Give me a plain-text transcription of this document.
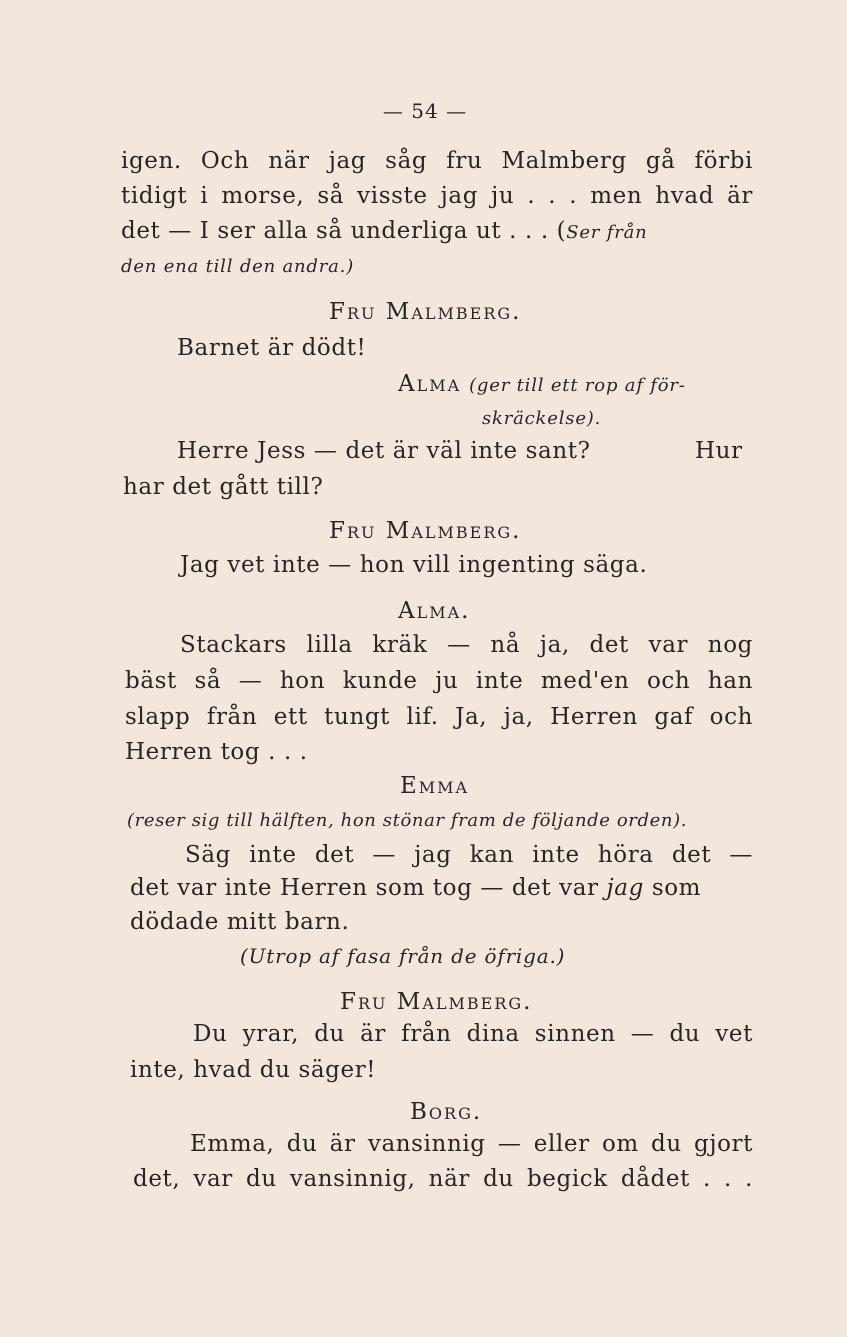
— 54 —
igen. Och när jag såg fru Malmberg gå förbi
tidigt i morse, så visste jag ju . . . men hvad är
det — I ser alla så underliga ut . . . (Ser från
den ena till den andra.)
Fru Malmberg.
Barnet är dödt!
Alma (ger till ett rop af för-
skräckelse).
Herre Jess — det är väl inte sant?	Hur
har det gått till?
Fru Malmberg.
Jag vet inte — hon vill ingenting säga.
Alma.
Stackars lilla kräk — nå ja, det var nog
bäst så — hon kunde ju inte med'en och han
slapp från ett tungt lif. Ja, ja, Herren gaf och
Herren tog . . .
Emma
(reser sig till hälften, hon stönar fram de följande orden).
Säg inte det — jag kan inte höra det —
det var inte Herren som tog — det var jag som
dödade mitt barn.
(Utrop af fasa från de öfriga.)
Fru Malmberg.
Du yrar, du är från dina sinnen — du vet
inte, hvad du säger!
Borg.
Emma, du är vansinnig — eller om du gjort
det, var du vansinnig, när du begick dådet . . .
